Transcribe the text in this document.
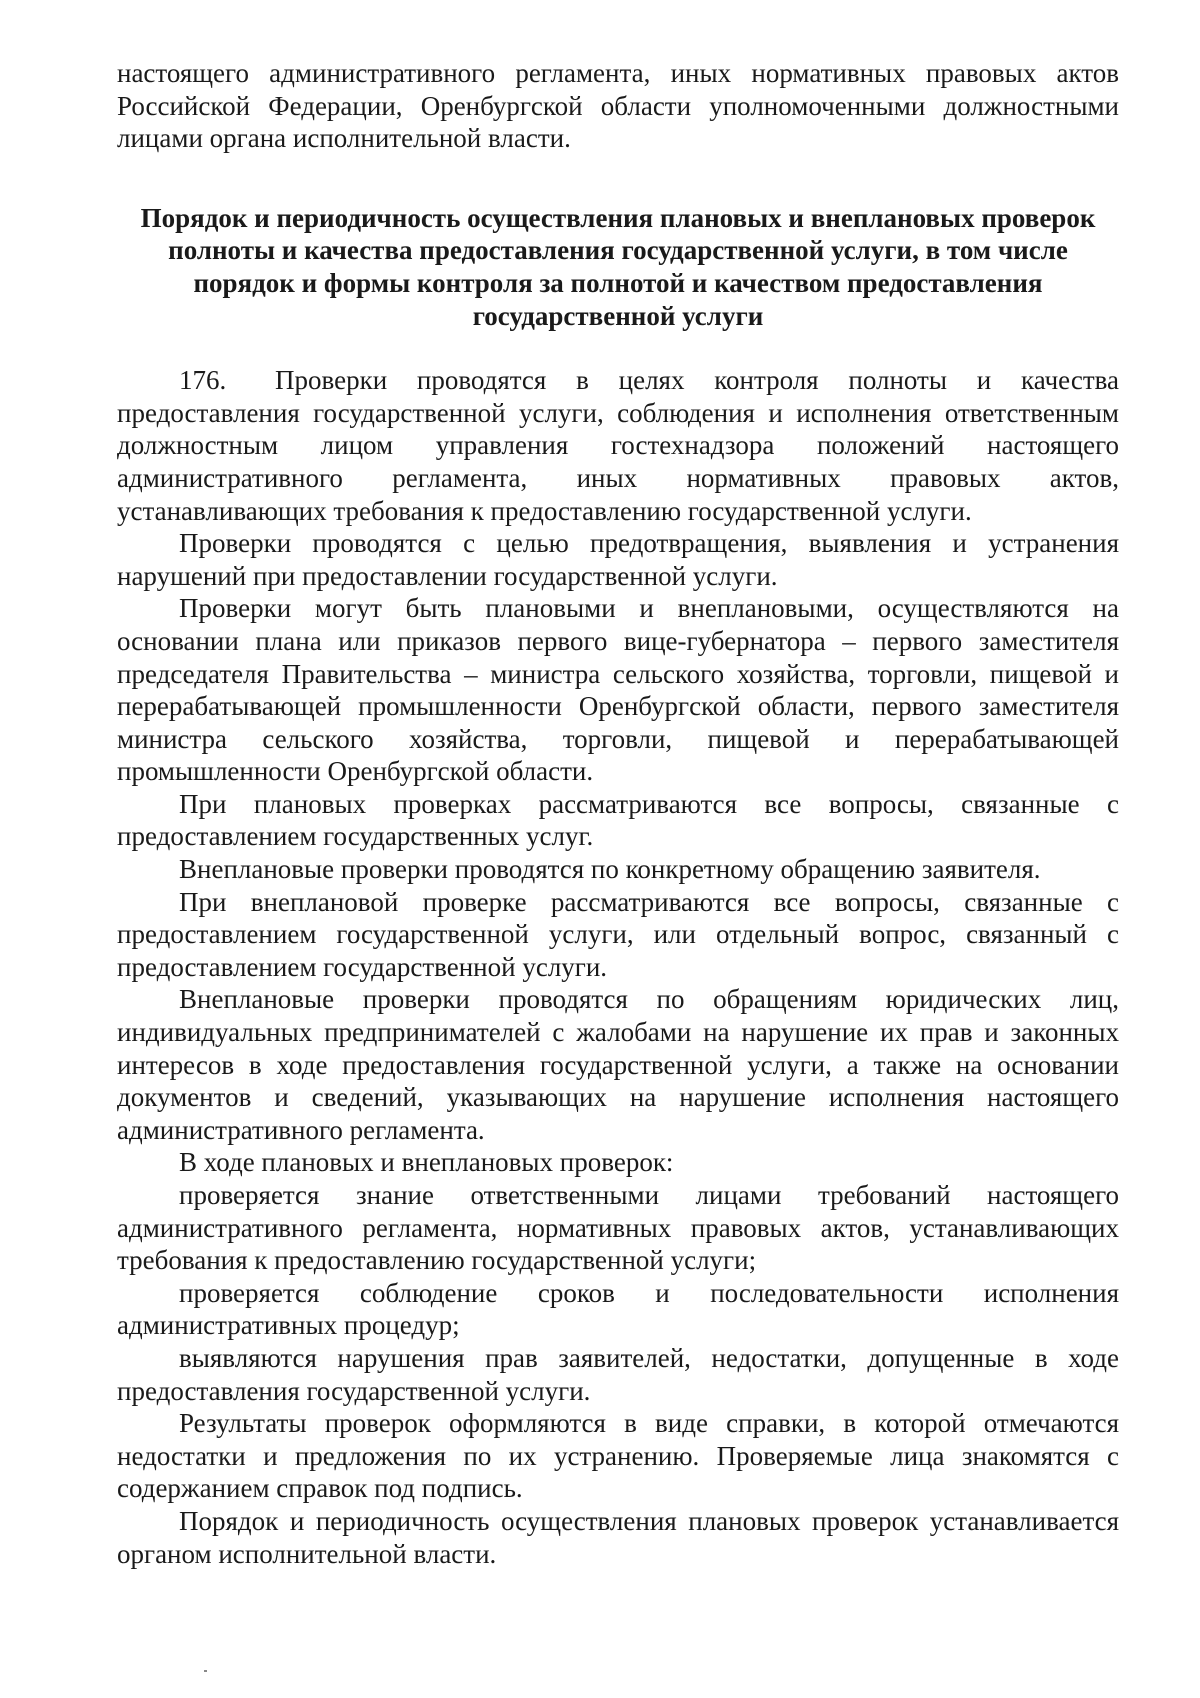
настоящего административного регламента, иных нормативных правовых актов Российской Федерации, Оренбургской области уполномоченными должностными лицами органа исполнительной власти.

Порядок и периодичность осуществления плановых и внеплановых проверок полноты и качества предоставления государственной услуги, в том числе порядок и формы контроля за полнотой и качеством предоставления государственной услуги

176. Проверки проводятся в целях контроля полноты и качества предоставления государственной услуги, соблюдения и исполнения ответственным должностным лицом управления гостехнадзора положений настоящего административного регламента, иных нормативных правовых актов, устанавливающих требования к предоставлению государственной услуги.

Проверки проводятся с целью предотвращения, выявления и устранения нарушений при предоставлении государственной услуги.

Проверки могут быть плановыми и внеплановыми, осуществляются на основании плана или приказов первого вице-губернатора – первого заместителя председателя Правительства – министра сельского хозяйства, торговли, пищевой и перерабатывающей промышленности Оренбургской области, первого заместителя министра сельского хозяйства, торговли, пищевой и перерабатывающей промышленности Оренбургской области.

При плановых проверках рассматриваются все вопросы, связанные с предоставлением государственных услуг.

Внеплановые проверки проводятся по конкретному обращению заявителя.

При внеплановой проверке рассматриваются все вопросы, связанные с предоставлением государственной услуги, или отдельный вопрос, связанный с предоставлением государственной услуги.

Внеплановые проверки проводятся по обращениям юридических лиц, индивидуальных предпринимателей с жалобами на нарушение их прав и законных интересов в ходе предоставления государственной услуги, а также на основании документов и сведений, указывающих на нарушение исполнения настоящего административного регламента.

В ходе плановых и внеплановых проверок:

проверяется знание ответственными лицами требований настоящего административного регламента, нормативных правовых актов, устанавливающих требования к предоставлению государственной услуги;

проверяется соблюдение сроков и последовательности исполнения административных процедур;

выявляются нарушения прав заявителей, недостатки, допущенные в ходе предоставления государственной услуги.

Результаты проверок оформляются в виде справки, в которой отмечаются недостатки и предложения по их устранению. Проверяемые лица знакомятся с содержанием справок под подпись.

Порядок и периодичность осуществления плановых проверок устанавливается органом исполнительной власти.
